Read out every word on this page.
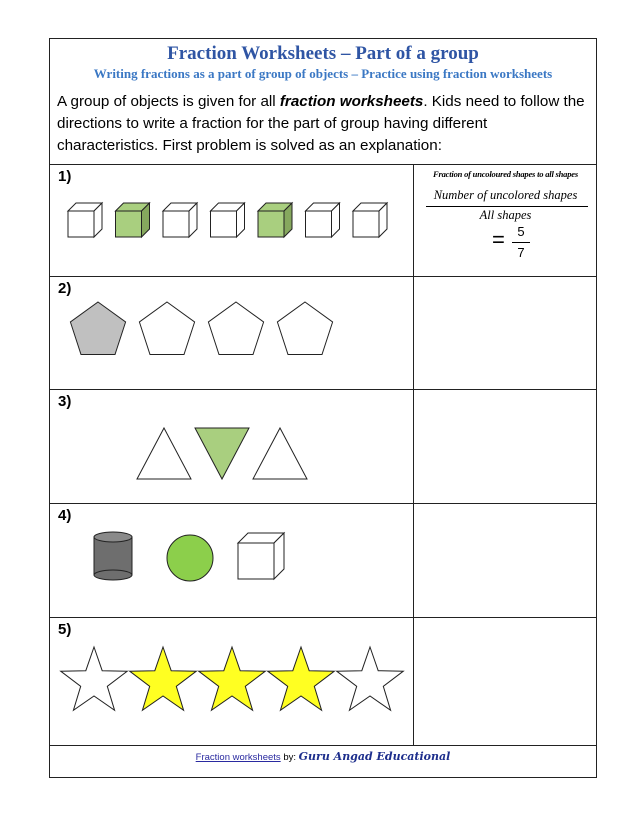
Fraction Worksheets – Part of a group
Writing fractions as a part of group of objects – Practice using fraction worksheets
A group of objects is given for all fraction worksheets. Kids need to follow the directions to write a fraction for the part of group having different characteristics. First problem is solved as an explanation:
1)	Fraction of uncoloured shapes to all shapes
Number of uncolored shapes
All shapes
= 5
7
2)
3)
4)
5)
Fraction worksheets by: Guru Angad Educational
